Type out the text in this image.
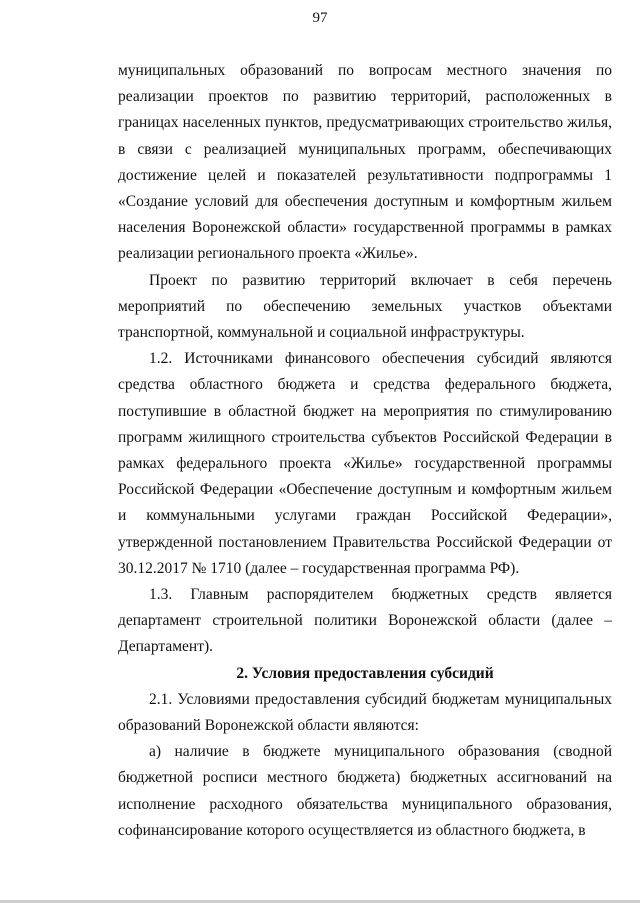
97

муниципальных образований по вопросам местного значения по реализации проектов по развитию территорий, расположенных в границах населенных пунктов, предусматривающих строительство жилья, в связи с реализацией муниципальных программ, обеспечивающих достижение целей и показателей результативности подпрограммы 1 «Создание условий для обеспечения доступным и комфортным жильем населения Воронежской области» государственной программы в рамках реализации регионального проекта «Жилье».

Проект по развитию территорий включает в себя перечень мероприятий по обеспечению земельных участков объектами транспортной, коммунальной и социальной инфраструктуры.

1.2. Источниками финансового обеспечения субсидий являются средства областного бюджета и средства федерального бюджета, поступившие в областной бюджет на мероприятия по стимулированию программ жилищного строительства субъектов Российской Федерации в рамках федерального проекта «Жилье» государственной программы Российской Федерации «Обеспечение доступным и комфортным жильем и коммунальными услугами граждан Российской Федерации», утвержденной постановлением Правительства Российской Федерации от 30.12.2017 № 1710 (далее – государственная программа РФ).

1.3. Главным распорядителем бюджетных средств является департамент строительной политики Воронежской области (далее – Департамент).

2. Условия предоставления субсидий

2.1. Условиями предоставления субсидий бюджетам муниципальных образований Воронежской области являются:

а) наличие в бюджете муниципального образования (сводной бюджетной росписи местного бюджета) бюджетных ассигнований на исполнение расходного обязательства муниципального образования, софинансирование которого осуществляется из областного бюджета, в
